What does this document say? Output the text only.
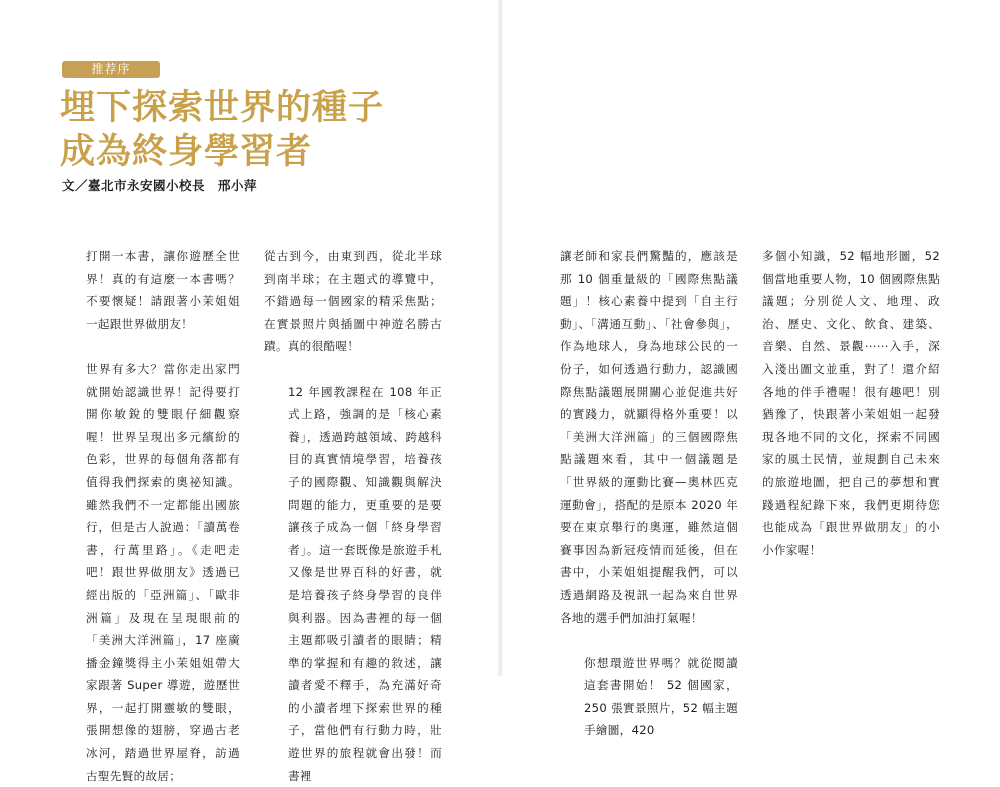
推荐序
埋下探索世界的種子
成為終身學習者

文／臺北市永安國小校長　邢小萍

打開一本書，讓你遊歷全世界！真的有這麼一本書嗎？不要懷疑！請跟著小茉姐姐一起跟世界做朋友！

世界有多大？當你走出家門就開始認識世界！記得要打開你敏銳的雙眼仔細觀察喔！世界呈現出多元繽紛的色彩，世界的每個角落都有值得我們探索的奧祕知識。雖然我們不一定都能出國旅行，但是古人說過：「讀萬卷書，行萬里路」。《走吧走吧！跟世界做朋友》透過已經出版的「亞洲篇」、「歐非洲篇」及現在呈現眼前的「美洲大洋洲篇」，17 座廣播金鐘獎得主小茉姐姐帶大家跟著 Super 導遊，遊歷世界，一起打開靈敏的雙眼，張開想像的翅膀，穿過古老冰河，踏過世界屋脊，訪過古聖先賢的故居；

從古到今，由東到西，從北半球到南半球；在主題式的導覽中，不錯過每一個國家的精采焦點；在實景照片與插圖中神遊名勝古蹟。真的很酷喔！

12 年國教課程在 108 年正式上路，強調的是「核心素養」，透過跨越領域、跨越科目的真實情境學習，培養孩子的國際觀、知識觀與解決問題的能力，更重要的是要讓孩子成為一個「終身學習者」。這一套既像是旅遊手札又像是世界百科的好書，就是培養孩子終身學習的良伴與利器。因為書裡的每一個主題都吸引讀者的眼睛；精準的掌握和有趣的敘述，讓讀者愛不釋手，為充滿好奇的小讀者埋下探索世界的種子，當他們有行動力時，壯遊世界的旅程就會出發！而書裡

讓老師和家長們驚豔的，應該是那 10 個重量級的「國際焦點議題」！核心素養中提到「自主行動」、「溝通互動」、「社會參與」，作為地球人，身為地球公民的一份子，如何透過行動力，認識國際焦點議題展開關心並促進共好的實踐力，就顯得格外重要！以「美洲大洋洲篇」的三個國際焦點議題來看，其中一個議題是「世界級的運動比賽—奧林匹克運動會」，搭配的是原本 2020 年要在東京舉行的奧運，雖然這個賽事因為新冠疫情而延後，但在書中，小茉姐姐提醒我們，可以透過網路及視訊一起為來自世界各地的選手們加油打氣喔！

你想環遊世界嗎？就從閱讀這套書開始！ 52 個國家，250 張實景照片，52 幅主題手繪圖，420

多個小知識，52 幅地形圖，52 個當地重要人物，10 個國際焦點議題；分別從人文、地理、政治、歷史、文化、飲食、建築、音樂、自然、景觀⋯⋯入手，深入淺出圖文並重，對了！還介紹各地的伴手禮喔！很有趣吧！別猶豫了，快跟著小茉姐姐一起發現各地不同的文化，探索不同國家的風土民情，並規劃自己未來的旅遊地圖，把自己的夢想和實踐過程紀錄下來，我們更期待您也能成為「跟世界做朋友」的小小作家喔！
